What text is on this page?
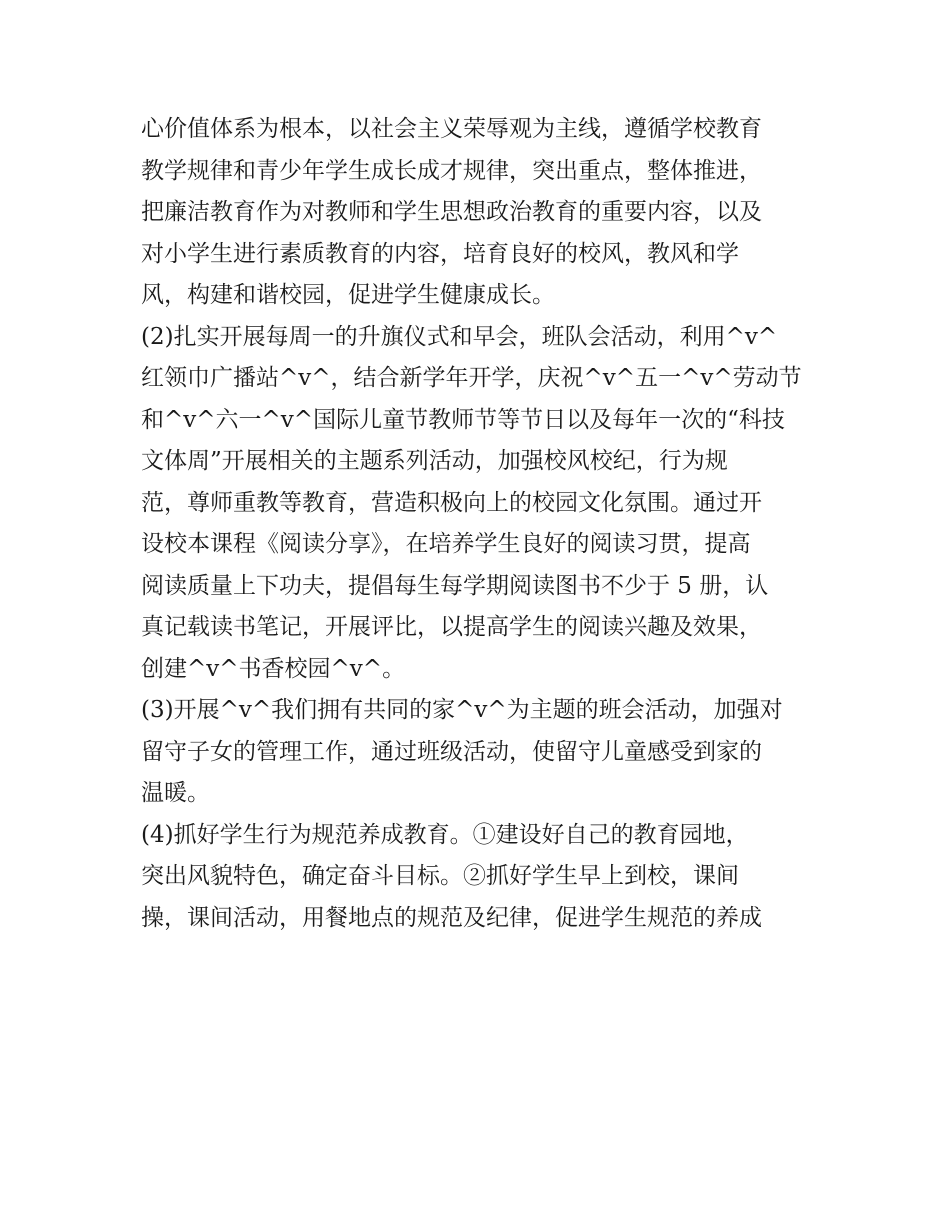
心价值体系为根本，以社会主义荣辱观为主线，遵循学校教育
教学规律和青少年学生成长成才规律，突出重点，整体推进，
把廉洁教育作为对教师和学生思想政治教育的重要内容，以及
对小学生进行素质教育的内容，培育良好的校风，教风和学
风，构建和谐校园，促进学生健康成长。
(2)扎实开展每周一的升旗仪式和早会，班队会活动，利用^v^
红领巾广播站^v^，结合新学年开学，庆祝^v^五一^v^劳动节
和^v^六一^v^国际儿童节教师节等节日以及每年一次的“科技
文体周”开展相关的主题系列活动，加强校风校纪，行为规
范，尊师重教等教育，营造积极向上的校园文化氛围。通过开
设校本课程《阅读分享》，在培养学生良好的阅读习贯，提高
阅读质量上下功夫，提倡每生每学期阅读图书不少于 5 册，认
真记载读书笔记，开展评比，以提高学生的阅读兴趣及效果，
创建^v^书香校园^v^。
(3)开展^v^我们拥有共同的家^v^为主题的班会活动，加强对
留守子女的管理工作，通过班级活动，使留守儿童感受到家的
温暖。
(4)抓好学生行为规范养成教育。①建设好自己的教育园地，
突出风貌特色，确定奋斗目标。②抓好学生早上到校，课间
操，课间活动，用餐地点的规范及纪律，促进学生规范的养成
